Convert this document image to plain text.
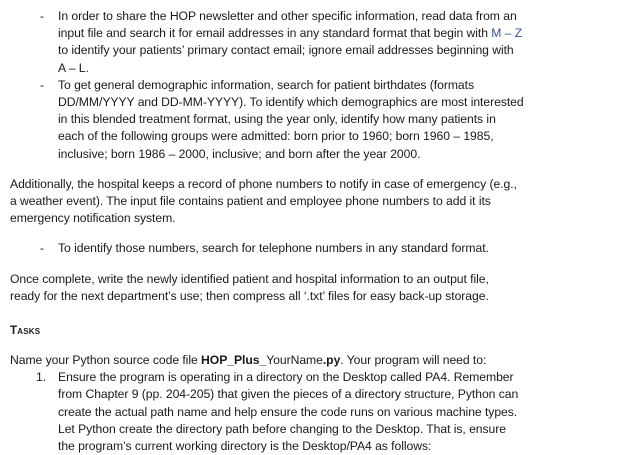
- In order to share the HOP newsletter and other specific information, read data from an
input file and search it for email addresses in any standard format that begin with M – Z
to identify your patients’ primary contact email; ignore email addresses beginning with
A – L.
- To get general demographic information, search for patient birthdates (formats
DD/MM/YYYY and DD-MM-YYYY). To identify which demographics are most interested
in this blended treatment format, using the year only, identify how many patients in
each of the following groups were admitted: born prior to 1960; born 1960 – 1985,
inclusive; born 1986 – 2000, inclusive; and born after the year 2000.

Additionally, the hospital keeps a record of phone numbers to notify in case of emergency (e.g.,
a weather event). The input file contains patient and employee phone numbers to add it its
emergency notification system.

- To identify those numbers, search for telephone numbers in any standard format.

Once complete, write the newly identified patient and hospital information to an output file,
ready for the next department’s use; then compress all ‘.txt’ files for easy back-up storage.

Tasks

Name your Python source code file HOP_Plus_YourName.py. Your program will need to:

1. Ensure the program is operating in a directory on the Desktop called PA4. Remember
from Chapter 9 (pp. 204-205) that given the pieces of a directory structure, Python can
create the actual path name and help ensure the code runs on various machine types.
Let Python create the directory path before changing to the Desktop. That is, ensure
the program’s current working directory is the Desktop/PA4 as follows:
